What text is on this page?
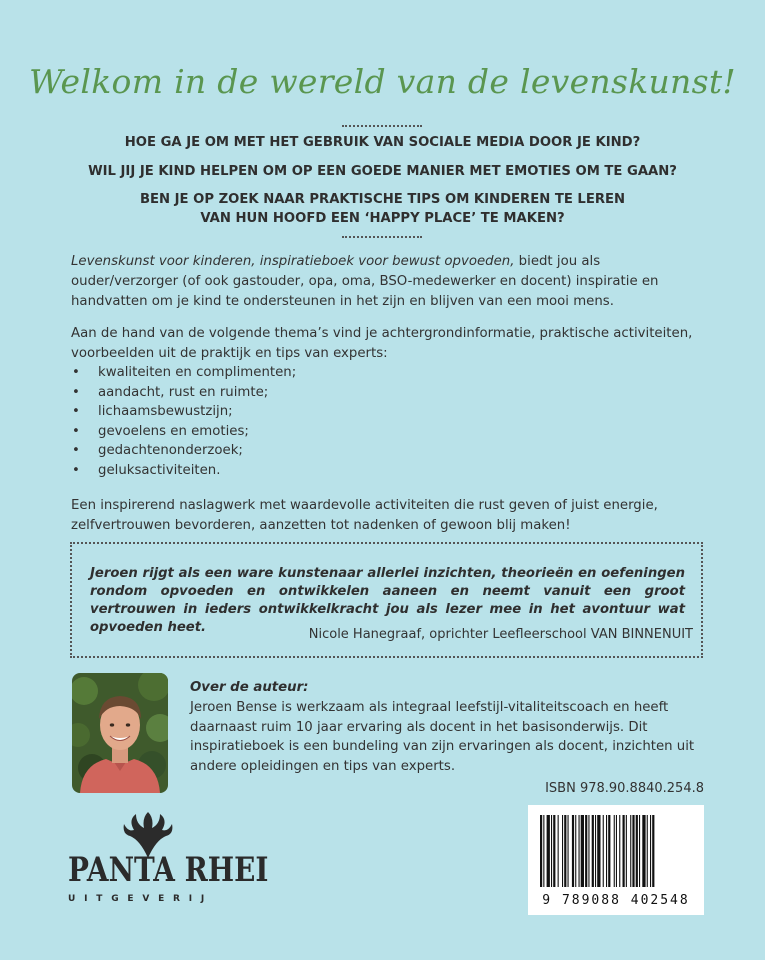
Welkom in de wereld van de levenskunst!
HOE GA JE OM MET HET GEBRUIK VAN SOCIALE MEDIA DOOR JE KIND?
WIL JIJ JE KIND HELPEN OM OP EEN GOEDE MANIER MET EMOTIES OM TE GAAN?
BEN JE OP ZOEK NAAR PRAKTISCHE TIPS OM KINDEREN TE LEREN
VAN HUN HOOFD EEN ‘HAPPY PLACE’ TE MAKEN?
Levenskunst voor kinderen, inspiratieboek voor bewust opvoeden, biedt jou als ouder/verzorger (of ook gastouder, opa, oma, BSO-medewerker en docent) inspiratie en handvatten om je kind te ondersteunen in het zijn en blijven van een mooi mens.
Aan de hand van de volgende thema’s vind je achtergrondinformatie, praktische activiteiten, voorbeelden uit de praktijk en tips van experts:
• kwaliteiten en complimenten;
• aandacht, rust en ruimte;
• lichaamsbewustzijn;
• gevoelens en emoties;
• gedachtenonderzoek;
• geluksactiviteiten.
Een inspirerend naslagwerk met waardevolle activiteiten die rust geven of juist energie, zelfvertrouwen bevorderen, aanzetten tot nadenken of gewoon blij maken!
Jeroen rijgt als een ware kunstenaar allerlei inzichten, theorieën en oefeningen rondom opvoeden en ontwikkelen aaneen en neemt vanuit een groot vertrouwen in ieders ontwikkelkracht jou als lezer mee in het avontuur wat opvoeden heet.	Nicole Hanegraaf, oprichter Leefleerschool VAN BINNENUIT
Over de auteur:
Jeroen Bense is werkzaam als integraal leefstijl-vitaliteitscoach en heeft daarnaast ruim 10 jaar ervaring als docent in het basisonderwijs. Dit inspiratieboek is een bundeling van zijn ervaringen als docent, inzichten uit andere opleidingen en tips van experts.
ISBN 978.90.8840.254.8
9 789088 402548
PANTA RHEI
UITGEVERIJ
